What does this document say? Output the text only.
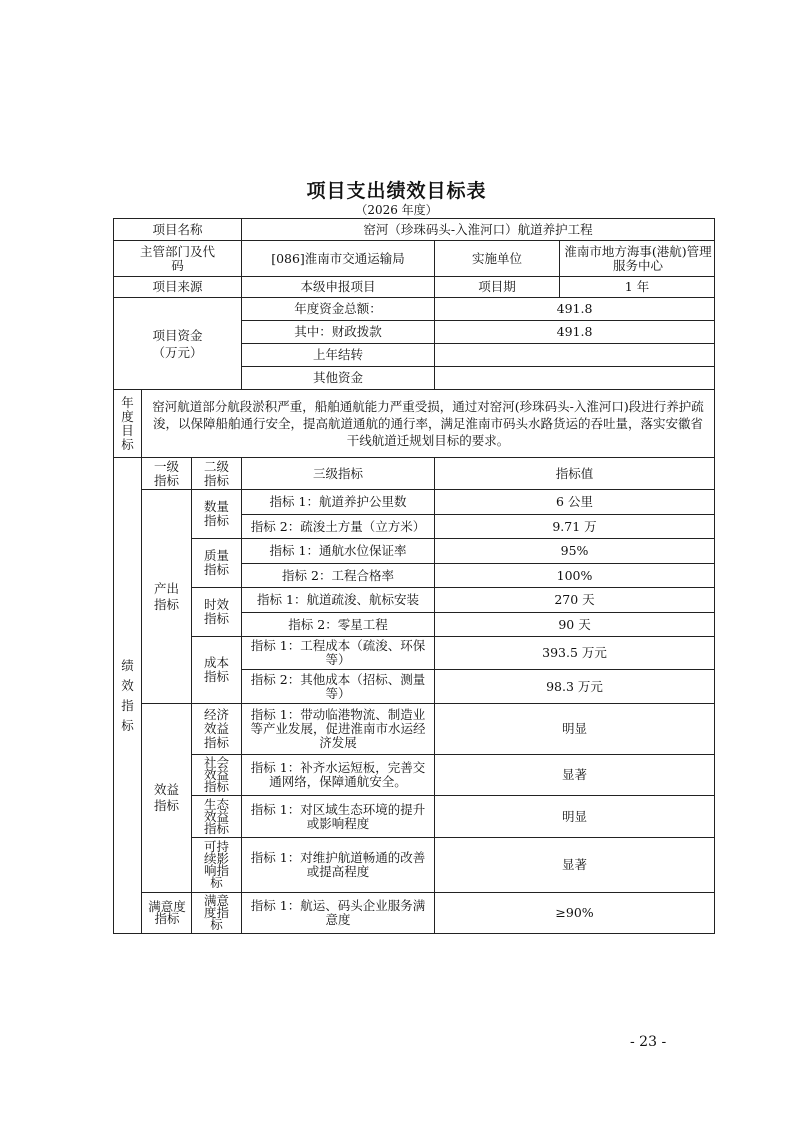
项目支出绩效目标表
（2026 年度）
项目名称			窑河（珍珠码头-入淮河口）航道养护工程		

主管部门及代码			[086]淮南市交通运输局	实施单位	淮南市地方海事(港航)管理服务中心

项目来源			本级申报项目	项目期	1 年

项目资金（万元）			年度资金总额：	491.8	
			其中：财政拨款	491.8	
			上年结转		
			其他资金		
年度目标	窑河航道部分航段淤积严重，船舶通航能力严重受损，通过对窑河(珍珠码头-入淮河口)段进行养护疏浚，以保障船舶通行安全，提高航道通航的通行率，满足淮南市码头水路货运的吞吐量，落实安徽省干线航道迁规划目标的要求。				
绩效指标	一级指标	二级指标	三级指标	指标值	

	产出指标	数量指标	指标 1：航道养护公里数	6 公里	
			指标 2：疏浚土方量（立方米）	9.71 万	

		质量指标	指标 1：通航水位保证率	95%	
			指标 2：工程合格率	100%	

		时效指标	指标 1：航道疏浚、航标安装	270 天	
			指标 2：零星工程	90 天	

		成本指标	指标 1：工程成本（疏浚、环保等）	393.5 万元	
			指标 2：其他成本（招标、测量等）	98.3 万元	

	效益指标	经济效益指标	指标 1：带动临港物流、制造业等产业发展，促进淮南市水运经济发展	明显	

		社会效益指标	指标 1：补齐水运短板，完善交通网络，保障通航安全。	显著	

		生态效益指标	指标 1：对区域生态环境的提升或影响程度	明显	

		可持续影响指标	指标 1：对维护航道畅通的改善或提高程度	显著	

	满意度指标	满意度指标	指标 1：航运、码头企业服务满意度	≥90%	
- 23 -
